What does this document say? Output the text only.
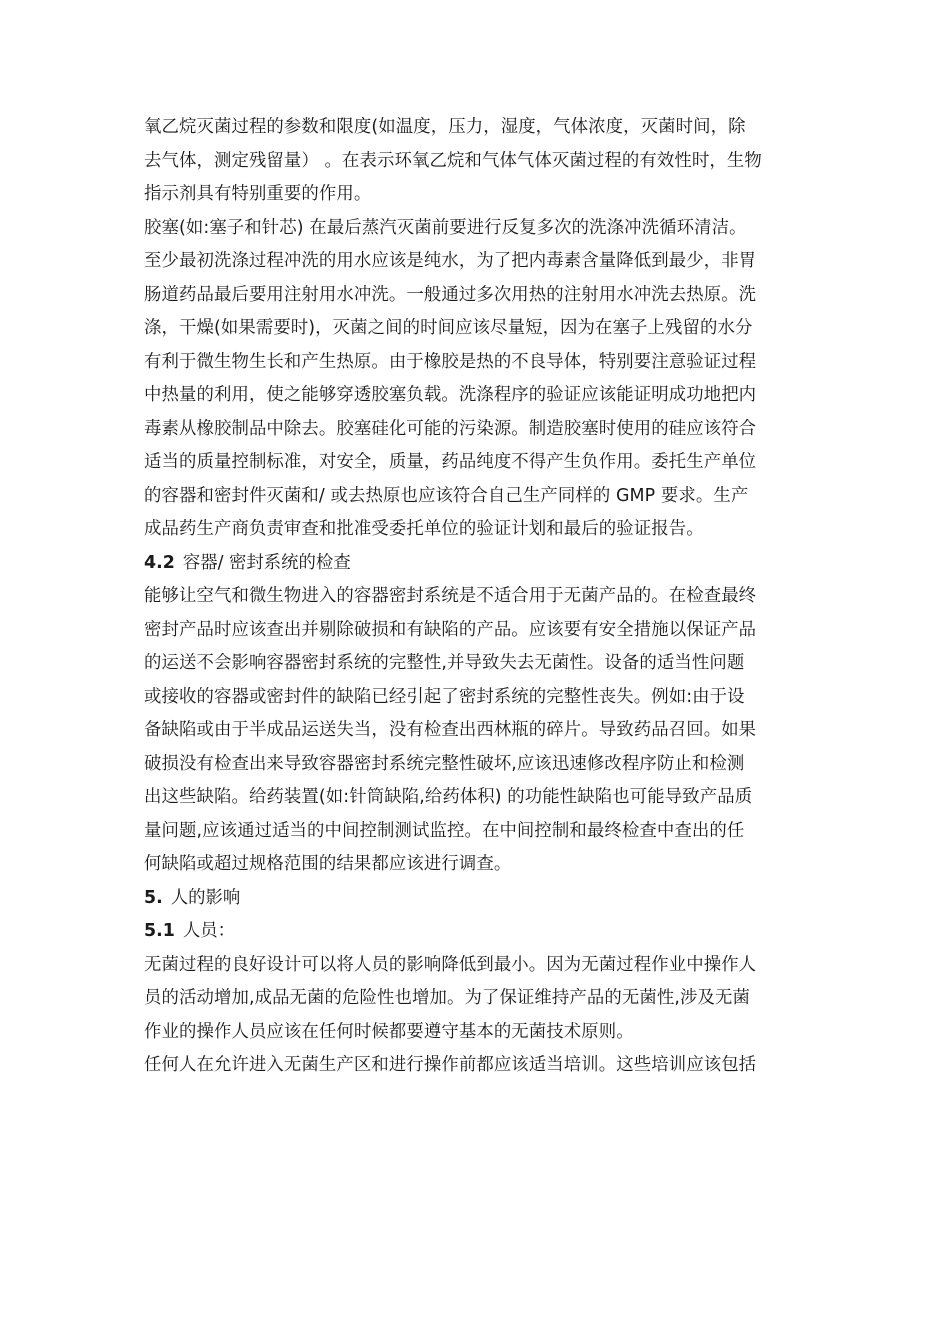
氧乙烷灭菌过程的参数和限度(如温度，压力，湿度，气体浓度，灭菌时间，除
去气体，测定残留量） 。在表示环氧乙烷和气体气体灭菌过程的有效性时，生物
指示剂具有特别重要的作用。
胶塞(如:塞子和针芯) 在最后蒸汽灭菌前要进行反复多次的洗涤冲洗循环清洁。
至少最初洗涤过程冲洗的用水应该是纯水，为了把内毒素含量降低到最少，非胃
肠道药品最后要用注射用水冲洗。一般通过多次用热的注射用水冲洗去热原。洗
涤，干燥(如果需要时)，灭菌之间的时间应该尽量短，因为在塞子上残留的水分
有利于微生物生长和产生热原。由于橡胶是热的不良导体，特别要注意验证过程
中热量的利用，使之能够穿透胶塞负载。洗涤程序的验证应该能证明成功地把内
毒素从橡胶制品中除去。胶塞硅化可能的污染源。制造胶塞时使用的硅应该符合
适当的质量控制标准，对安全，质量，药品纯度不得产生负作用。委托生产单位
的容器和密封件灭菌和/ 或去热原也应该符合自己生产同样的 GMP 要求。生产
成品药生产商负责审查和批准受委托单位的验证计划和最后的验证报告。
4.2 容器/ 密封系统的检查
能够让空气和微生物进入的容器密封系统是不适合用于无菌产品的。在检查最终
密封产品时应该查出并剔除破损和有缺陷的产品。应该要有安全措施以保证产品
的运送不会影响容器密封系统的完整性,并导致失去无菌性。设备的适当性问题
或接收的容器或密封件的缺陷已经引起了密封系统的完整性丧失。例如:由于设
备缺陷或由于半成品运送失当，没有检查出西林瓶的碎片。导致药品召回。如果
破损没有检查出来导致容器密封系统完整性破坏,应该迅速修改程序防止和检测
出这些缺陷。给药装置(如:针筒缺陷,给药体积) 的功能性缺陷也可能导致产品质
量问题,应该通过适当的中间控制测试监控。在中间控制和最终检查中查出的任
何缺陷或超过规格范围的结果都应该进行调查。
5. 人的影响
5.1 人员：
无菌过程的良好设计可以将人员的影响降低到最小。因为无菌过程作业中操作人
员的活动增加,成品无菌的危险性也增加。为了保证维持产品的无菌性,涉及无菌
作业的操作人员应该在任何时候都要遵守基本的无菌技术原则。
任何人在允许进入无菌生产区和进行操作前都应该适当培训。这些培训应该包括
